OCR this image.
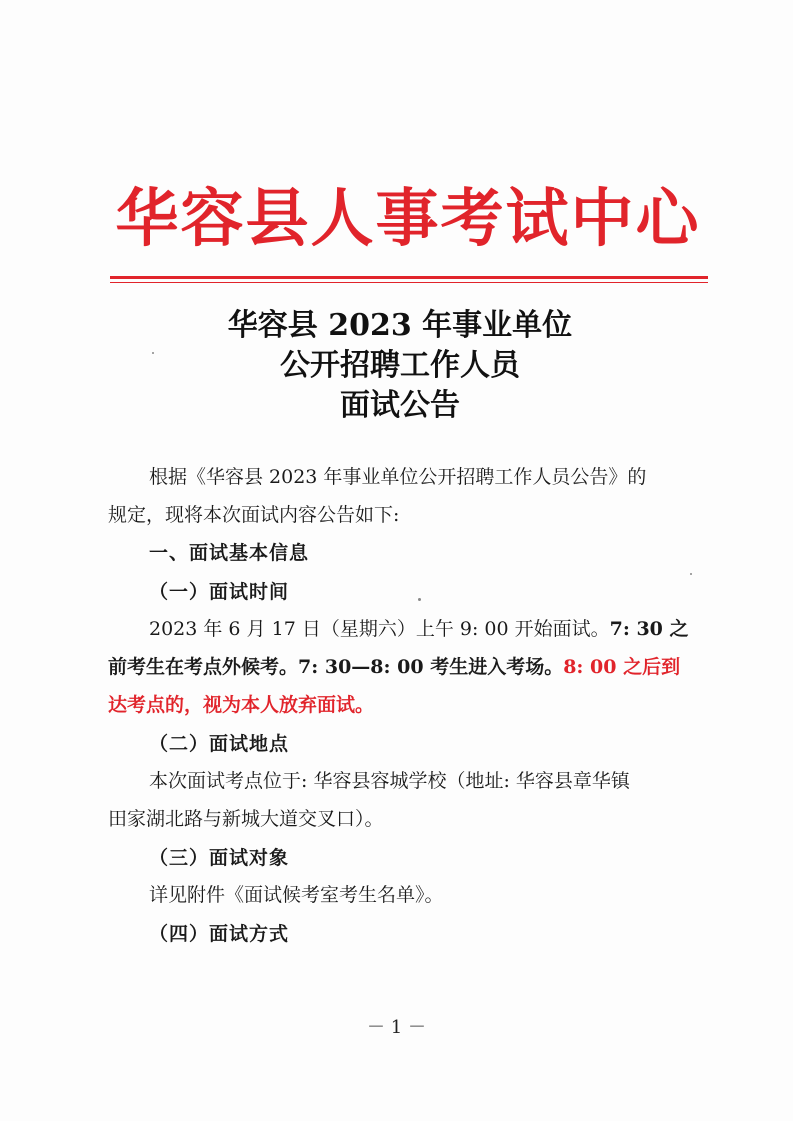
华容县人事考试中心
华容县 2023 年事业单位
公开招聘工作人员
面试公告
根据《华容县 2023 年事业单位公开招聘工作人员公告》的
规定，现将本次面试内容公告如下:
一、面试基本信息
（一）面试时间
2023 年 6 月 17 日（星期六）上午 9: 00 开始面试。7: 30 之
前考生在考点外候考。7: 30—8: 00 考生进入考场。8: 00 之后到
达考点的，视为本人放弃面试。
（二）面试地点
本次面试考点位于: 华容县容城学校（地址: 华容县章华镇
田家湖北路与新城大道交叉口）。
（三）面试对象
详见附件《面试候考室考生名单》。
（四）面试方式
－ 1 －
